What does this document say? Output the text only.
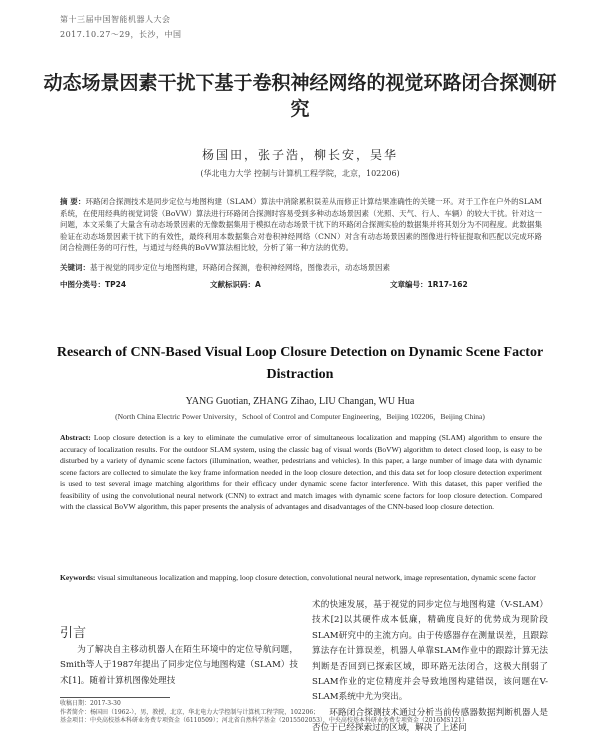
第十三届中国智能机器人大会
2017.10.27～29，长沙，中国
动态场景因素干扰下基于卷积神经网络的视觉环路闭合探测研究
杨国田，张子浩，柳长安，吴华
(华北电力大学 控制与计算机工程学院，北京，102206)
摘 要：环路闭合探测技术是同步定位与地图构建（SLAM）算法中消除累积误差从而修正计算结果准确性的关键一环。对于工作在户外的SLAM系统，在使用经典的视觉词袋（BoVW）算法进行环路闭合探测时容易受到多种动态场景因素（光照、天气、行人、车辆）的较大干扰。针对这一问题，本文采集了大量含有动态场景因素的无像数据集用于模拟在动态场景干扰下的环路闭合探测实验的数据集并将其划分为不同程度。此数据集验证在动态场景因素干扰下的有效性，最终利用本数据集合对卷积神经网络（CNN）对含有动态场景因素的图像进行特征提取和匹配以完成环路闭合检测任务的可行性，与通过与经典的BoVW算法相比较，分析了第一种方法的优势。
关键词：基于视觉的同步定位与地图构建，环路闭合探测，卷积神经网络，图像表示，动态场景因素
中图分类号：TP24	文献标识码：A	文章编号：1R17-162
Research of CNN-Based Visual Loop Closure Detection on Dynamic Scene Factor Distraction
YANG Guotian, ZHANG Zihao, LIU Changan, WU Hua
(North China Electric Power University，School of Control and Computer Engineering，Beijing 102206，Beijing China)
Abstract: Loop closure detection is a key to eliminate the cumulative error of simultaneous localization and mapping (SLAM) algorithm to ensure the accuracy of localization results. For the outdoor SLAM system, using the classic bag of visual words (BoVW) algorithm to detect closed loop, is easy to be disturbed by a variety of dynamic scene factors (illumination, weather, pedestrians and vehicles). In this paper, a large number of image data with dynamic scene factors are collected to simulate the key frame information needed in the loop closure detection, and this data set for loop closure detection experiment is used to test several image matching algorithms for their efficacy under dynamic scene factor interference. With this dataset, this paper verified the feasibility of using the convolutional neural network (CNN) to extract and match images with dynamic scene factors for loop closure detection. Compared with the classical BoVW algorithm, this paper presents the analysis of advantages and disadvantages of the CNN-based loop closure detection.
Keywords: visual simultaneous localization and mapping, loop closure detection, convolutional neural network, image representation, dynamic scene factor
引言
为了解决自主移动机器人在陌生环境中的定位导航问题，Smith等人于1987年提出了同步定位与地图构建（SLAM）技术[1]。随着计算机图像处理技

术的快速发展，基于视觉的同步定位与地图构建（V-SLAM）技术[2]以其硬件成本低廉，精确度良好的优势成为现阶段SLAM研究中的主流方向。由于传感器存在测量误差，且跟踪算法存在计算误差，机器人单靠SLAM作业中的跟踪计算无法判断是否回到已探索区域，即环路无法闭合，这极大削弱了SLAM作业的定位精度并会导致地图构建错误，该问题在V-SLAM系统中尤为突出。

环路闭合探测技术通过分析当前传感器数据判断机器人是否位于已经探索过的区域，解决了上述问

收稿日期：2017-3-30
作者简介：杨国田（1962-），男，教授，北京，华北电力大学控制与计算机工程学院，102206；
基金项目：中央高校基本科研业务费专项资金（6110509）；河北省自然科学基金（2015502053），中央高校基本科研业务费专项资金（2016MS121）
